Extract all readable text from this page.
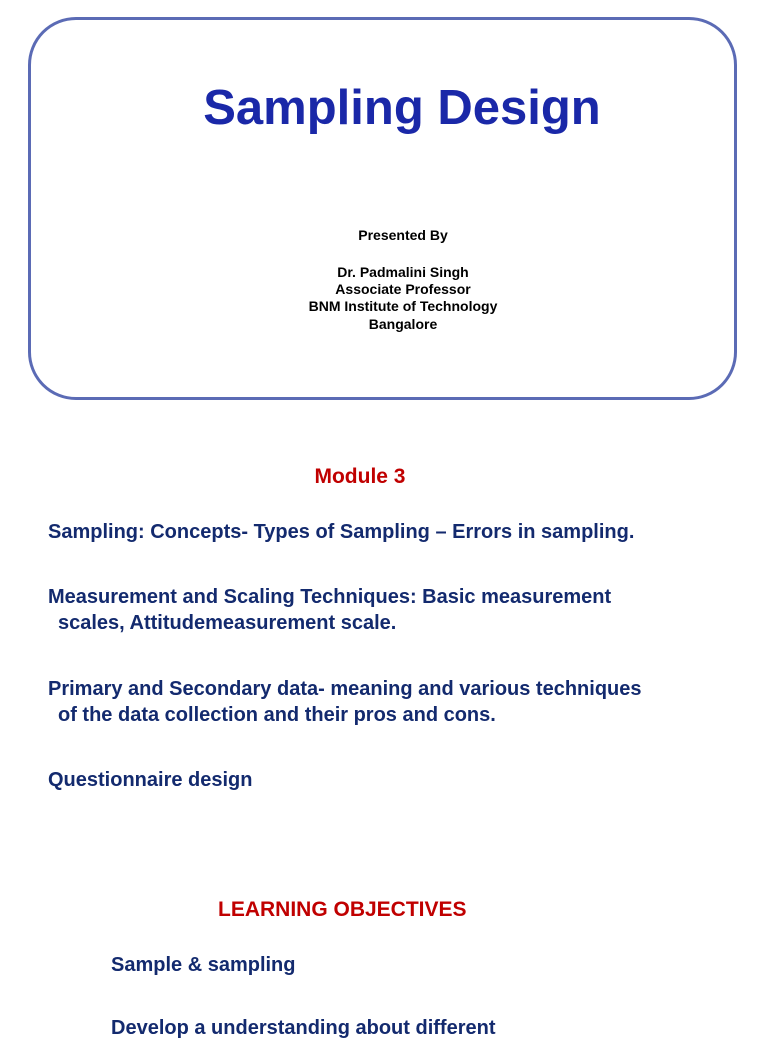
Sampling Design
Presented By
Dr. Padmalini Singh
Associate Professor
BNM Institute of Technology
Bangalore
Module 3
Sampling: Concepts- Types of Sampling – Errors in sampling.
Measurement and Scaling Techniques: Basic measurement
scales, Attitudemeasurement scale.
Primary and Secondary data- meaning and various techniques
of the data collection and their pros and cons.
Questionnaire design
LEARNING OBJECTIVES
Sample & sampling
Develop a understanding about different
